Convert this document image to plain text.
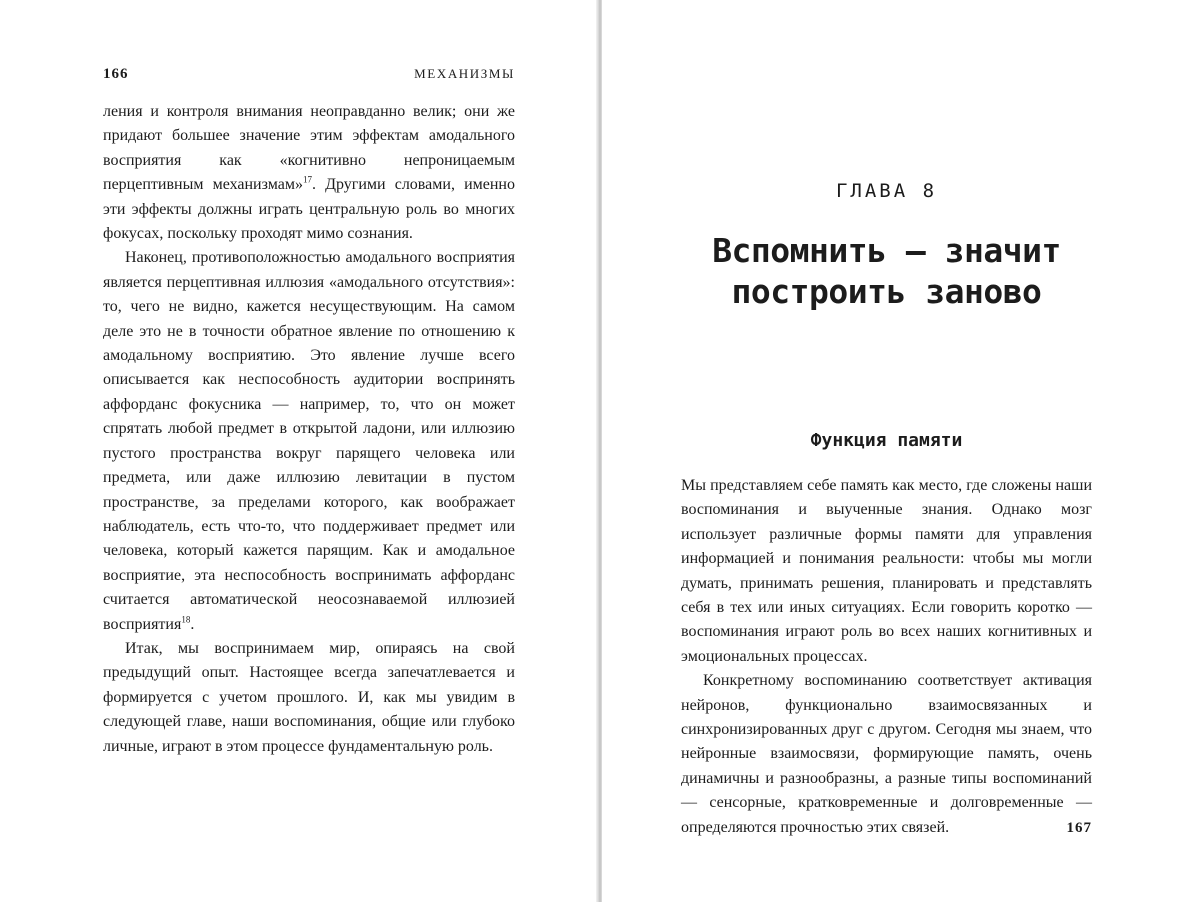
166	МЕХАНИЗМЫ

ления и контроля внимания неоправданно велик; они же придают большее значение этим эффектам амодального восприятия как «когнитивно непроницаемым перцептивным механизмам»$^{17}$. Другими словами, именно эти эффекты должны играть центральную роль во многих фокусах, поскольку проходят мимо сознания.

Наконец, противоположностью амодального восприятия является перцептивная иллюзия «амодального отсутствия»: то, чего не видно, кажется несуществующим. На самом деле это не в точности обратное явление по отношению к амодальному восприятию. Это явление лучше всего описывается как неспособность аудитории воспринять аффорданс фокусника — например, то, что он может спрятать любой предмет в открытой ладони, или иллюзию пустого пространства вокруг парящего человека или предмета, или даже иллюзию левитации в пустом пространстве, за пределами которого, как воображает наблюдатель, есть что-то, что поддерживает предмет или человека, который кажется парящим. Как и амодальное восприятие, эта неспособность воспринимать аффорданс считается автоматической неосознаваемой иллюзией восприятия$^{18}$.

Итак, мы воспринимаем мир, опираясь на свой предыдущий опыт. Настоящее всегда запечатлевается и формируется с учетом прошлого. И, как мы увидим в следующей главе, наши воспоминания, общие или глубоко личные, играют в этом процессе фундаментальную роль.

ГЛАВА 8
Вспомнить — значит построить заново
Функция памяти

Мы представляем себе память как место, где сложены наши воспоминания и выученные знания. Однако мозг использует различные формы памяти для управления информацией и понимания реальности: чтобы мы могли думать, принимать решения, планировать и представлять себя в тех или иных ситуациях. Если говорить коротко — воспоминания играют роль во всех наших когнитивных и эмоциональных процессах.

Конкретному воспоминанию соответствует активация нейронов, функционально взаимосвязанных и синхронизированных друг с другом. Сегодня мы знаем, что нейронные взаимосвязи, формирующие память, очень динамичны и разнообразны, а разные типы воспоминаний — сенсорные, кратковременные и долговременные — определяются прочностью этих связей.	167
